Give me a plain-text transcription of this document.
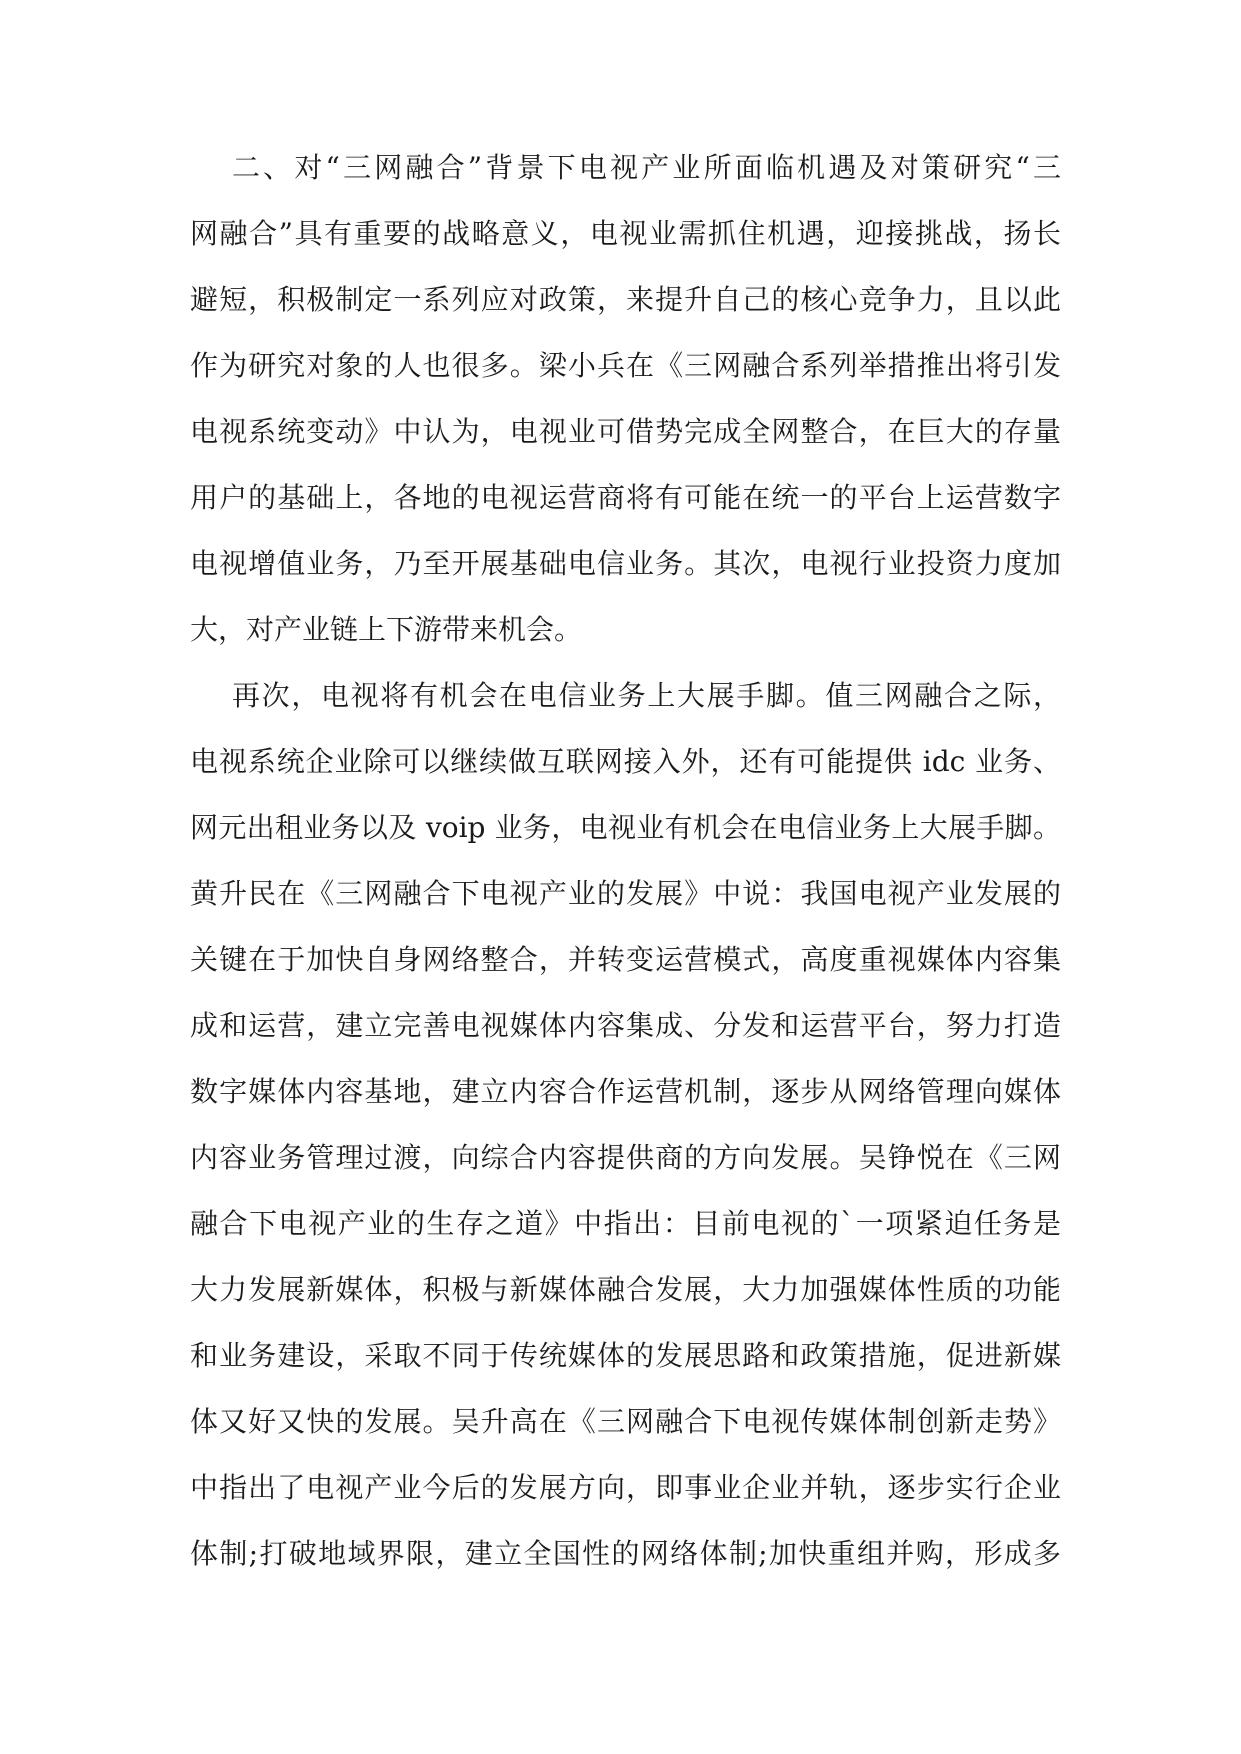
二、对“三网融合”背景下电视产业所面临机遇及对策研究“三
网融合”具有重要的战略意义，电视业需抓住机遇，迎接挑战，扬长
避短，积极制定一系列应对政策，来提升自己的核心竞争力，且以此
作为研究对象的人也很多。梁小兵在《三网融合系列举措推出将引发
电视系统变动》中认为，电视业可借势完成全网整合，在巨大的存量
用户的基础上，各地的电视运营商将有可能在统一的平台上运营数字
电视增值业务，乃至开展基础电信业务。其次，电视行业投资力度加
大，对产业链上下游带来机会。
再次，电视将有机会在电信业务上大展手脚。值三网融合之际，
电视系统企业除可以继续做互联网接入外，还有可能提供 idc 业务、
网元出租业务以及 voip 业务，电视业有机会在电信业务上大展手脚。
黄升民在《三网融合下电视产业的发展》中说：我国电视产业发展的
关键在于加快自身网络整合，并转变运营模式，高度重视媒体内容集
成和运营，建立完善电视媒体内容集成、分发和运营平台，努力打造
数字媒体内容基地，建立内容合作运营机制，逐步从网络管理向媒体
内容业务管理过渡，向综合内容提供商的方向发展。吴铮悦在《三网
融合下电视产业的生存之道》中指出：目前电视的`一项紧迫任务是
大力发展新媒体，积极与新媒体融合发展，大力加强媒体性质的功能
和业务建设，采取不同于传统媒体的发展思路和政策措施，促进新媒
体又好又快的发展。吴升高在《三网融合下电视传媒体制创新走势》
中指出了电视产业今后的发展方向，即事业企业并轨，逐步实行企业
体制;打破地域界限，建立全国性的网络体制;加快重组并购，形成多
